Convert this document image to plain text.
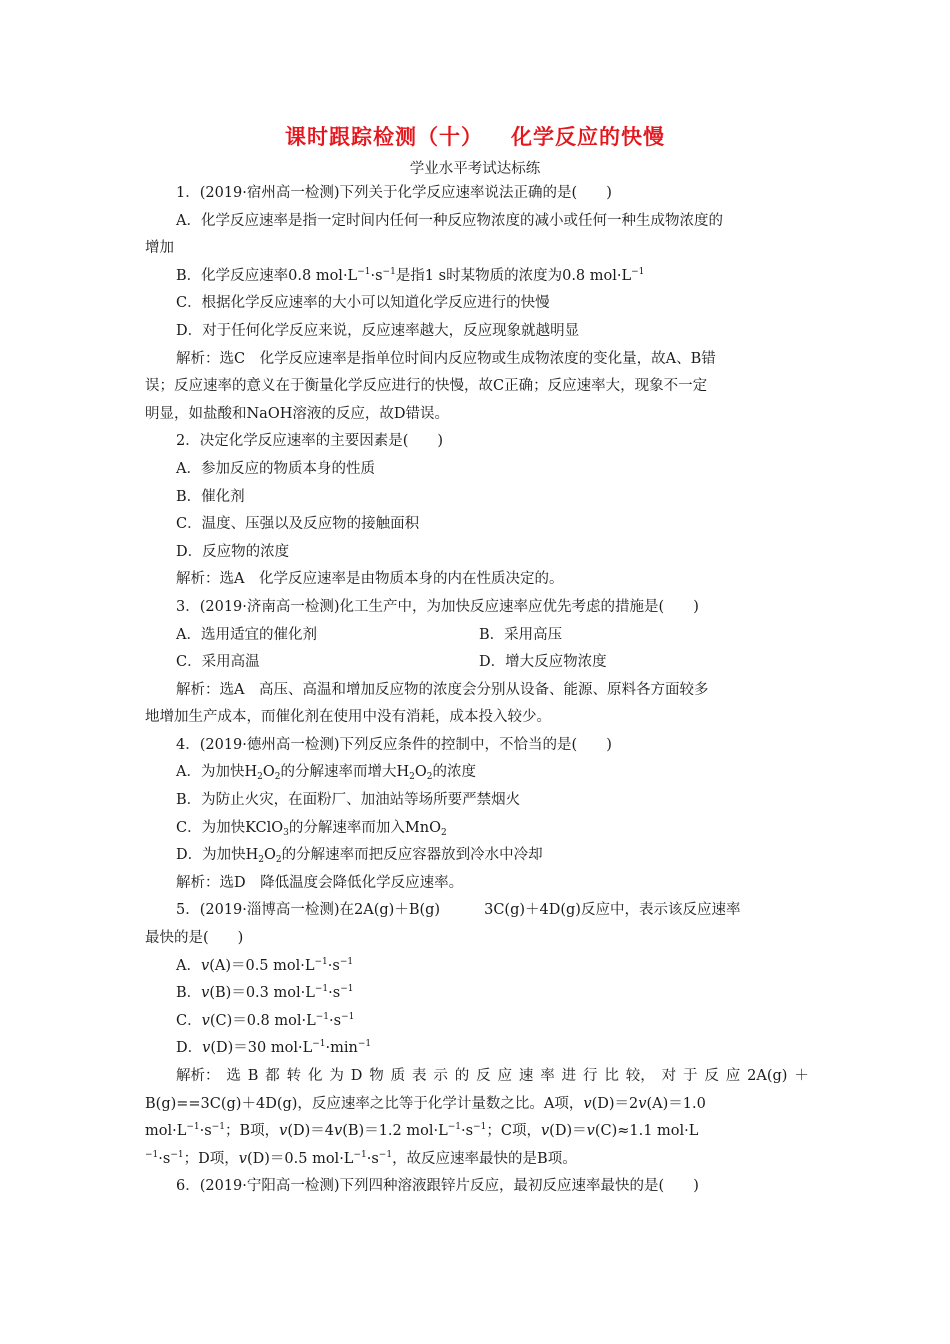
课时跟踪检测（十） 化学反应的快慢
学业水平考试达标练
1．(2019·宿州高一检测)下列关于化学反应速率说法正确的是(　　)
A．化学反应速率是指一定时间内任何一种反应物浓度的减小或任何一种生成物浓度的
增加
B．化学反应速率0.8 $mol\cdot L^{-1}\cdot s^{-1}$是指1 s时某物质的浓度为0.8 $mol\cdot L^{-1}$
C．根据化学反应速率的大小可以知道化学反应进行的快慢
D．对于任何化学反应来说，反应速率越大，反应现象就越明显
解析：选C　化学反应速率是指单位时间内反应物或生成物浓度的变化量，故A、B错
误；反应速率的意义在于衡量化学反应进行的快慢，故C正确；反应速率大，现象不一定
明显，如盐酸和NaOH溶液的反应，故D错误。
2．决定化学反应速率的主要因素是(　　)
A．参加反应的物质本身的性质
B．催化剂
C．温度、压强以及反应物的接触面积
D．反应物的浓度
解析：选A　化学反应速率是由物质本身的内在性质决定的。
3．(2019·济南高一检测)化工生产中，为加快反应速率应优先考虑的措施是(　　)
A．选用适宜的催化剂	B．采用高压
C．采用高温	D．增大反应物浓度
解析：选A　高压、高温和增加反应物的浓度会分别从设备、能源、原料各方面较多
地增加生产成本，而催化剂在使用中没有消耗，成本投入较少。
4．(2019·德州高一检测)下列反应条件的控制中，不恰当的是(　　)
A．为加快$H_2O_2$的分解速率而增大$H_2O_2$的浓度
B．为防止火灾，在面粉厂、加油站等场所要严禁烟火
C．为加快KClO$_3$的分解速率而加入MnO$_2$
D．为加快$H_2O_2$的分解速率而把反应容器放到冷水中冷却
解析：选D　降低温度会降低化学反应速率。
5．(2019·淄博高一检测)在2A(g)＋B(g)	3C(g)＋4D(g)反应中，表示该反应速率
最快的是(　　)
A．v(A)＝0.5 $mol\cdot L^{-1}\cdot s^{-1}$
B．v(B)＝0.3 $mol\cdot L^{-1}\cdot s^{-1}$
C．v(C)＝0.8 $mol\cdot L^{-1}\cdot s^{-1}$
D．v(D)＝30 $mol\cdot L^{-1}\cdot\min^{-1}$
解析： 选 B 都 转 化 为 D 物 质 表 示 的 反 应 速 率 进 行 比 较， 对 于 反 应 2A(g) ＋
B(g)==3C(g)＋4D(g)，反应速率之比等于化学计量数之比。A项，v(D)＝2v(A)＝1.0
$mol\cdot L^{-1}\cdot s^{-1}$；B项，v(D)＝4v(B)＝1.2 $mol\cdot L^{-1}\cdot s^{-1}$；C项，v(D)＝v(C)≈1.1 mol·L
$^{-1}\cdot s^{-1}$；D项，v(D)＝0.5 $mol\cdot L^{-1}\cdot s^{-1}$，故反应速率最快的是B项。
6．(2019·宁阳高一检测)下列四种溶液跟锌片反应，最初反应速率最快的是(　　)
